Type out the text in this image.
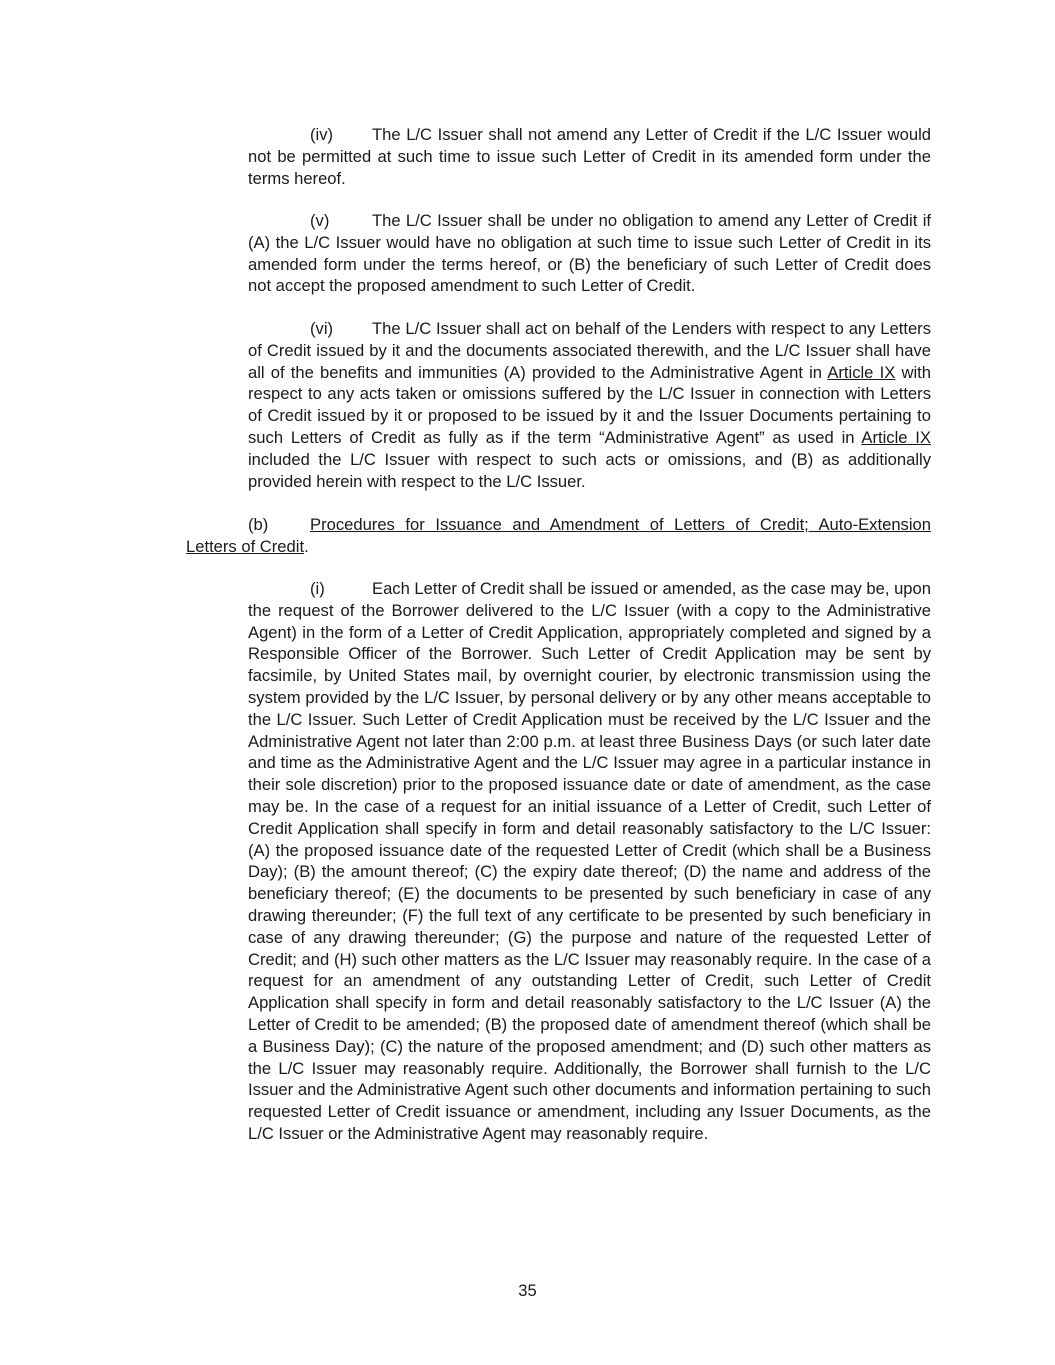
(iv) The L/C Issuer shall not amend any Letter of Credit if the L/C Issuer would not be permitted at such time to issue such Letter of Credit in its amended form under the terms hereof.

(v)	The L/C Issuer shall be under no obligation to amend any Letter of Credit if (A) the L/C Issuer would have no obligation at such time to issue such Letter of Credit in its amended form under the terms hereof, or (B) the beneficiary of such Letter of Credit does not accept the proposed amendment to such Letter of Credit.

(vi) The L/C Issuer shall act on behalf of the Lenders with respect to any Letters of Credit issued by it and the documents associated therewith, and the L/C Issuer shall have all of the benefits and immunities (A) provided to the Administrative Agent in Article IX with respect to any acts taken or omissions suffered by the L/C Issuer in connection with Letters of Credit issued by it or proposed to be issued by it and the Issuer Documents pertaining to such Letters of Credit as fully as if the term “Administrative Agent” as used in Article IX included the L/C Issuer with respect to such acts or omissions, and (B) as additionally provided herein with respect to the L/C Issuer.

(b)	Procedures for Issuance and Amendment of Letters of Credit; Auto-Extension Letters of Credit.

(i)	Each Letter of Credit shall be issued or amended, as the case may be, upon the request of the Borrower delivered to the L/C Issuer (with a copy to the Administrative Agent) in the form of a Letter of Credit Application, appropriately completed and signed by a Responsible Officer of the Borrower. Such Letter of Credit Application may be sent by facsimile, by United States mail, by overnight courier, by electronic transmission using the system provided by the L/C Issuer, by personal delivery or by any other means acceptable to the L/C Issuer. Such Letter of Credit Application must be received by the L/C Issuer and the Administrative Agent not later than 2:00 p.m. at least three Business Days (or such later date and time as the Administrative Agent and the L/C Issuer may agree in a particular instance in their sole discretion) prior to the proposed issuance date or date of amendment, as the case may be. In the case of a request for an initial issuance of a Letter of Credit, such Letter of Credit Application shall specify in form and detail reasonably satisfactory to the L/C Issuer: (A) the proposed issuance date of the requested Letter of Credit (which shall be a Business Day); (B) the amount thereof; (C) the expiry date thereof; (D) the name and address of the beneficiary thereof; (E) the documents to be presented by such beneficiary in case of any drawing thereunder; (F) the full text of any certificate to be presented by such beneficiary in case of any drawing thereunder; (G) the purpose and nature of the requested Letter of Credit; and (H) such other matters as the L/C Issuer may reasonably require. In the case of a request for an amendment of any outstanding Letter of Credit, such Letter of Credit Application shall specify in form and detail reasonably satisfactory to the L/C Issuer (A) the Letter of Credit to be amended; (B) the proposed date of amendment thereof (which shall be a Business Day); (C) the nature of the proposed amendment; and (D) such other matters as the L/C Issuer may reasonably require. Additionally, the Borrower shall furnish to the L/C Issuer and the Administrative Agent such other documents and information pertaining to such requested Letter of Credit issuance or amendment, including any Issuer Documents, as the L/C Issuer or the Administrative Agent may reasonably require.

35
